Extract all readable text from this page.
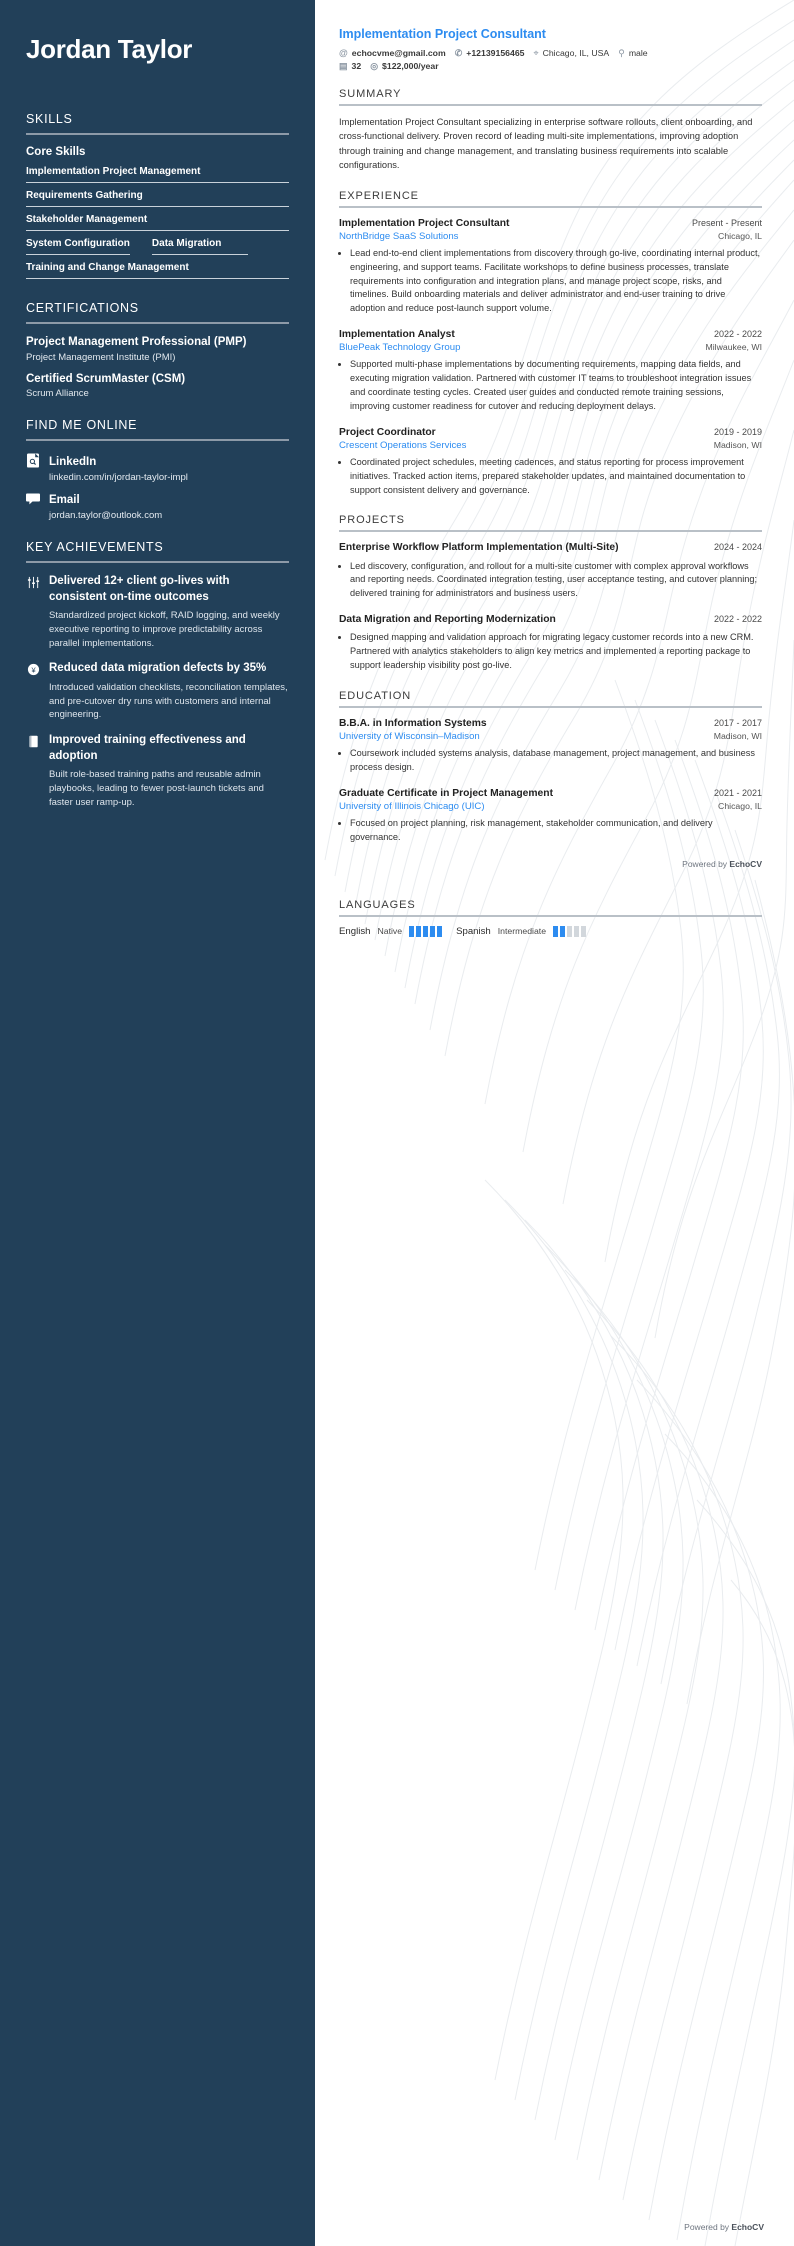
Jordan Taylor
SKILLS
Core Skills
Implementation Project Management
Requirements Gathering
Stakeholder Management
System Configuration Data Migration
Training and Change Management
CERTIFICATIONS
Project Management Professional (PMP)
Project Management Institute (PMI)
Certified ScrumMaster (CSM)
Scrum Alliance
FIND ME ONLINE
LinkedIn
linkedin.com/in/jordan-taylor-impl
Email
jordan.taylor@outlook.com
KEY ACHIEVEMENTS
Delivered 12+ client go-lives with consistent on-time outcomes
Standardized project kickoff, RAID logging, and weekly executive reporting to improve predictability across parallel implementations.
¥ Reduced data migration defects by 35%
Introduced validation checklists, reconciliation templates, and pre-cutover dry runs with customers and internal engineering.
Improved training effectiveness and adoption
Built role-based training paths and reusable admin playbooks, leading to fewer post-launch tickets and faster user ramp-up.
Implementation Project Consultant
@ echocvme@gmail.com ✆ +12139156465 ⌖ Chicago, IL, USA ⚲ male
▤ 32 ◎ $122,000/year
SUMMARY

Implementation Project Consultant specializing in enterprise software rollouts, client onboarding, and cross-functional delivery. Proven record of leading multi-site implementations, improving adoption through training and change management, and translating business requirements into scalable configurations.

EXPERIENCE
Implementation Project Consultant	Present - Present
NorthBridge SaaS Solutions	Chicago, IL
• Lead end-to-end client implementations from discovery through go-live, coordinating internal product, engineering, and support teams. Facilitate workshops to define business processes, translate requirements into configuration and integration plans, and manage project scope, risks, and timelines. Build onboarding materials and deliver administrator and end-user training to drive adoption and reduce post-launch support volume.
Implementation Analyst	2022 - 2022
BluePeak Technology Group	Milwaukee, WI
• Supported multi-phase implementations by documenting requirements, mapping data fields, and executing migration validation. Partnered with customer IT teams to troubleshoot integration issues and coordinate testing cycles. Created user guides and conducted remote training sessions, improving customer readiness for cutover and reducing deployment delays.
Project Coordinator	2019 - 2019
Crescent Operations Services	Madison, WI
• Coordinated project schedules, meeting cadences, and status reporting for process improvement initiatives. Tracked action items, prepared stakeholder updates, and maintained documentation to support consistent delivery and governance.
PROJECTS
Enterprise Workflow Platform Implementation (Multi-Site)	2024 - 2024
• Led discovery, configuration, and rollout for a multi-site customer with complex approval workflows and reporting needs. Coordinated integration testing, user acceptance testing, and cutover planning; delivered training for administrators and business users.
Data Migration and Reporting Modernization	2022 - 2022
• Designed mapping and validation approach for migrating legacy customer records into a new CRM. Partnered with analytics stakeholders to align key metrics and implemented a reporting package to support leadership visibility post go-live.
EDUCATION
B.B.A. in Information Systems	2017 - 2017
University of Wisconsin–Madison	Madison, WI
• Coursework included systems analysis, database management, project management, and business process design.
Graduate Certificate in Project Management	2021 - 2021
University of Illinois Chicago (UIC)	Chicago, IL
• Focused on project planning, risk management, stakeholder communication, and delivery governance.
Powered by EchoCV
LANGUAGES
English Native	Spanish Intermediate
Powered by EchoCV
